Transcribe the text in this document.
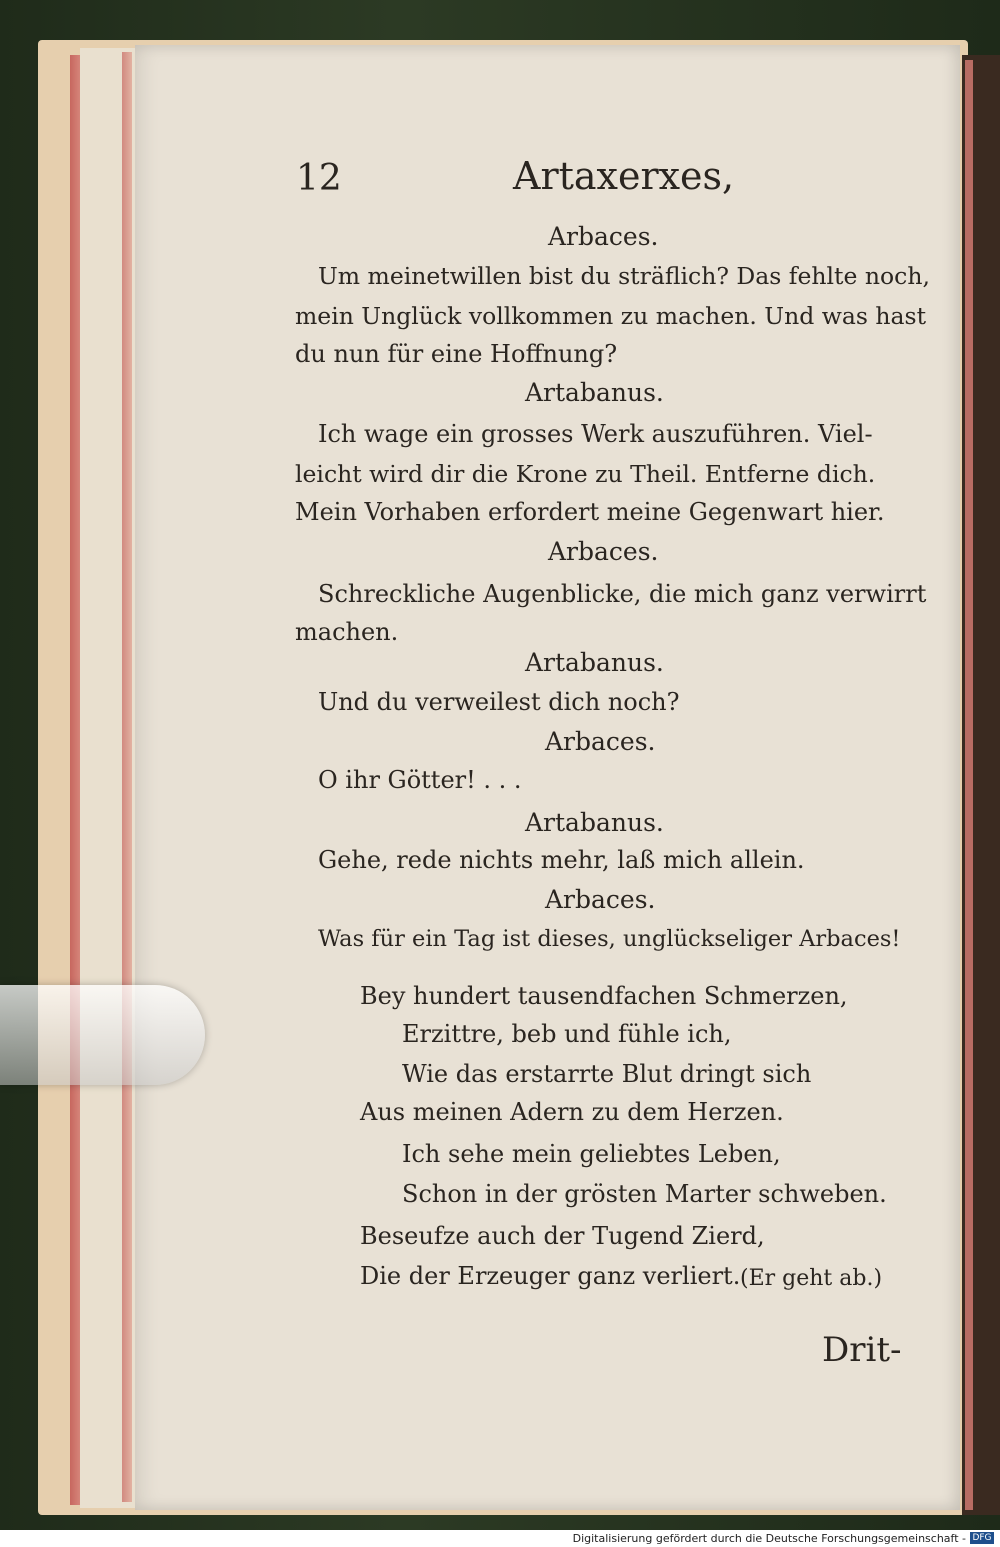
12	Artaxerxes,
Arbaces.
Um meinetwillen bist du sträflich? Das fehlte noch,
mein Unglück vollkommen zu machen. Und was hast
du nun für eine Hoffnung?
Artabanus.
Ich wage ein grosses Werk auszuführen. Viel-
leicht wird dir die Krone zu Theil. Entferne dich.
Mein Vorhaben erfordert meine Gegenwart hier.
Arbaces.
Schreckliche Augenblicke, die mich ganz verwirrt
machen.
Artabanus.
Und du verweilest dich noch?
Arbaces.
O ihr Götter! . . .
Artabanus.
Gehe, rede nichts mehr, laß mich allein.
Arbaces.
Was für ein Tag ist dieses, unglückseliger Arbaces!
Bey hundert tausendfachen Schmerzen,
Erzittre, beb und fühle ich,
Wie das erstarrte Blut dringt sich
Aus meinen Adern zu dem Herzen.
Ich sehe mein geliebtes Leben,
Schon in der grösten Marter schweben.
Beseufze auch der Tugend Zierd,
Die der Erzeuger ganz verliert. (Er geht ab.)
Drit-
Digitalisierung gefördert durch die Deutsche Forschungsgemeinschaft - DFG
